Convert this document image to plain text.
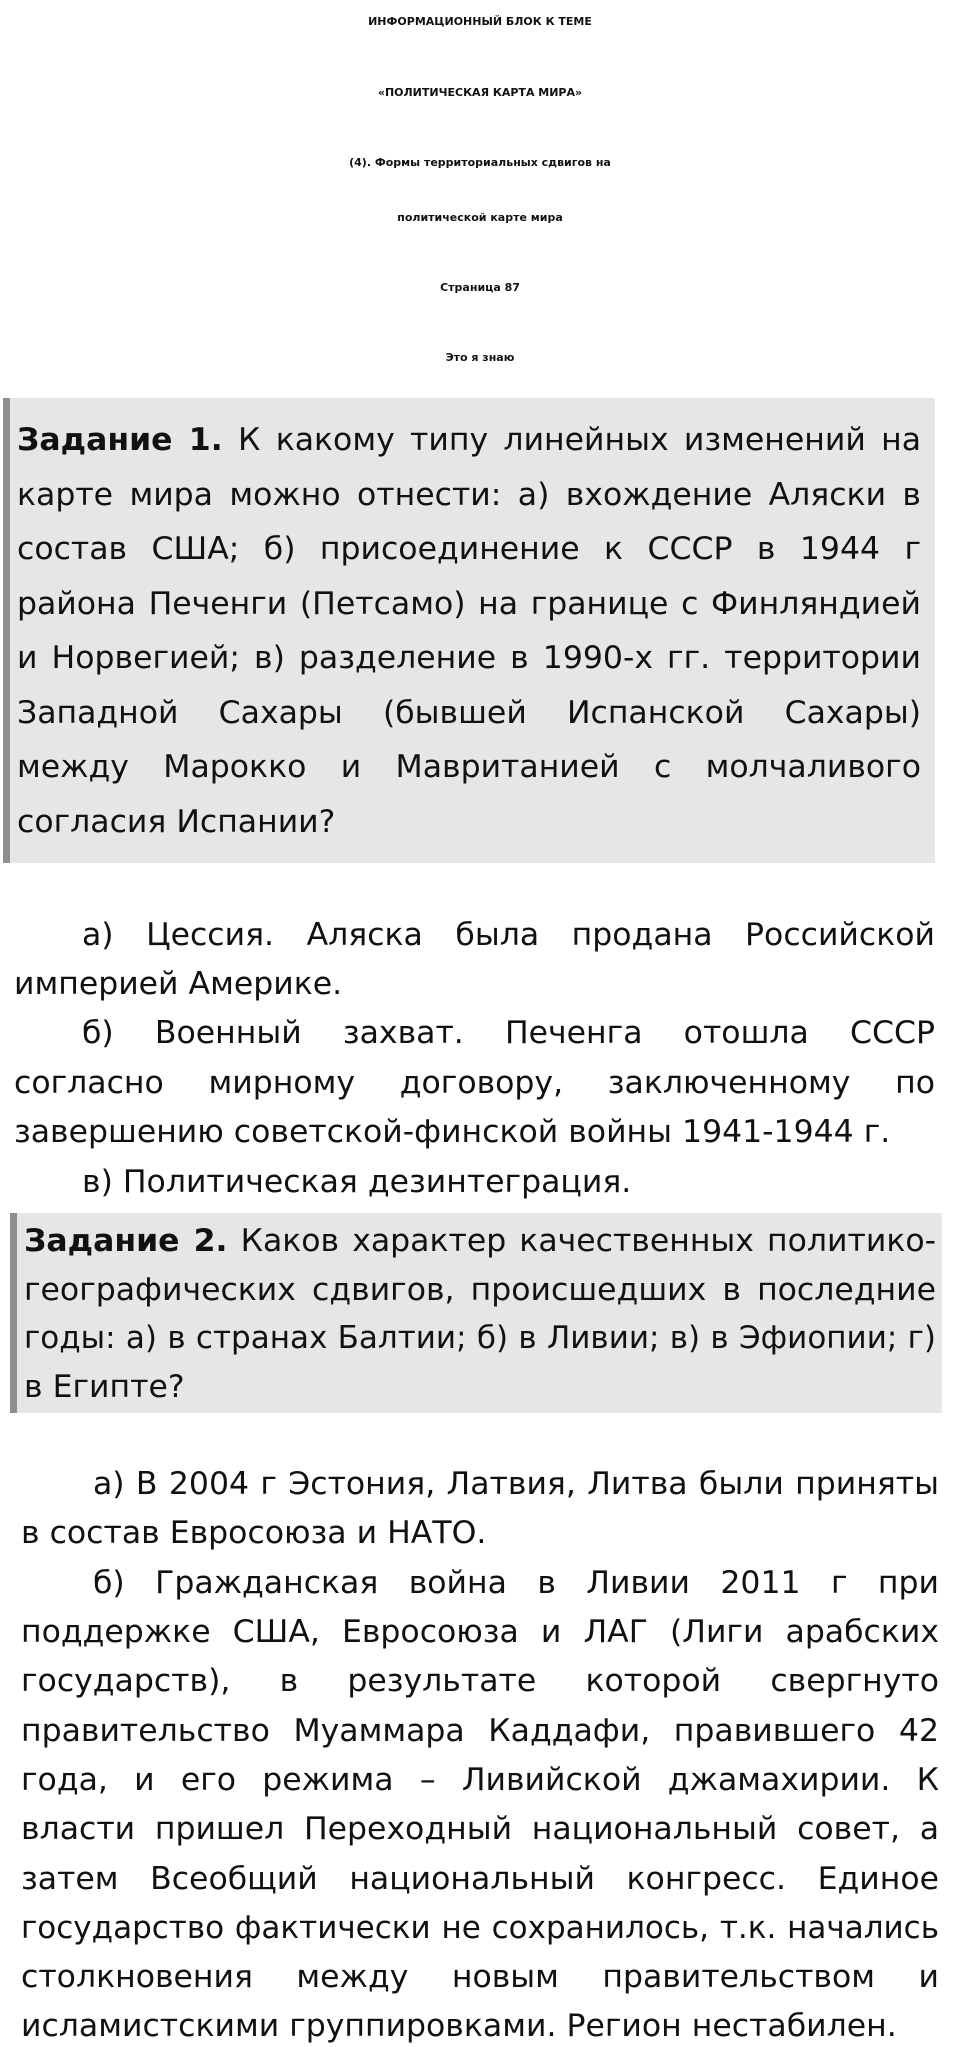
ИНФОРМАЦИОННЫЙ БЛОК К ТЕМЕ
«ПОЛИТИЧЕСКАЯ КАРТА МИРА»
(4). Формы территориальных сдвигов на
политической карте мира
Страница 87
Это я знаю
Задание 1. К какому типу линейных изменений на
карте мира можно отнести: а) вхождение Аляски в
состав США; б) присоединение к СССР в 1944 г
района Печенги (Петсамо) на границе с Финляндией
и Норвегией; в) разделение в 1990-х гг. территории
Западной Сахары (бывшей Испанской Сахары)
между Марокко и Мавританией с молчаливого
согласия Испании?
а) Цессия. Аляска была продана Российской
империей Америке.
б) Военный захват. Печенга отошла СССР
согласно мирному договору, заключенному по
завершению советской-финской войны 1941-1944 г.
в) Политическая дезинтеграция.
Задание 2. Каков характер качественных политико-
географических сдвигов, происшедших в последние
годы: а) в странах Балтии; б) в Ливии; в) в Эфиопии; г)
в Египте?
а) В 2004 г Эстония, Латвия, Литва были приняты
в состав Евросоюза и НАТО.
б) Гражданская война в Ливии 2011 г при
поддержке США, Евросоюза и ЛАГ (Лиги арабских
государств), в результате которой свергнуто
правительство Муаммара Каддафи, правившего 42
года, и его режима – Ливийской джамахирии. К
власти пришел Переходный национальный совет, а
затем Всеобщий национальный конгресс. Единое
государство фактически не сохранилось, т.к. начались
столкновения между новым правительством и
исламистскими группировками. Регион нестабилен.
